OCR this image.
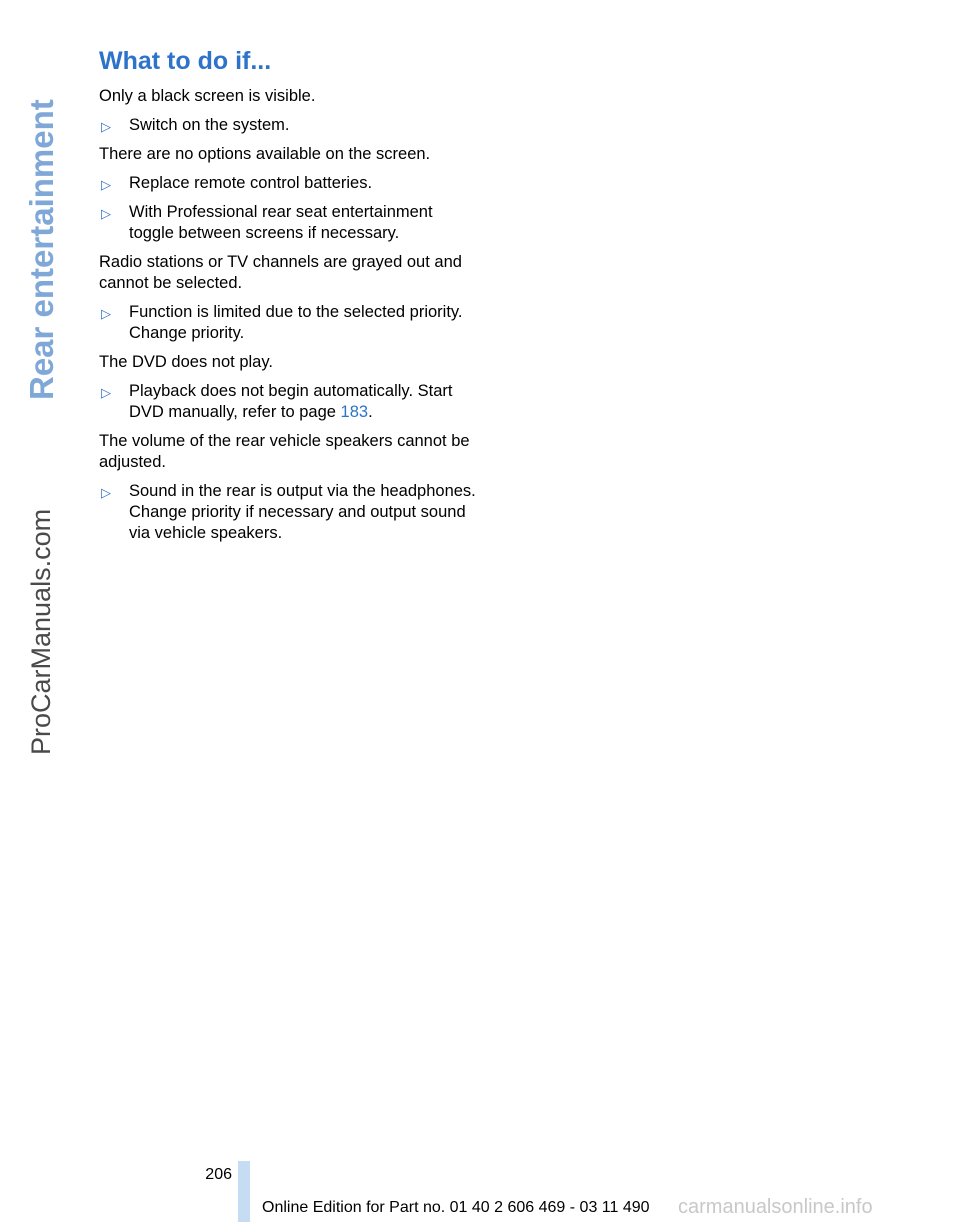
Rear entertainment
ProCarManuals.com
What to do if...

Only a black screen is visible.

▷ Switch on the system.

There are no options available on the screen.

▷ Replace remote control batteries.
▷ With Professional rear seat entertainment toggle between screens if necessary.

Radio stations or TV channels are grayed out and cannot be selected.

▷ Function is limited due to the selected priority. Change priority.

The DVD does not play.

▷ Playback does not begin automatically. Start DVD manually, refer to page 183.

The volume of the rear vehicle speakers cannot be adjusted.

▷ Sound in the rear is output via the headphones. Change priority if necessary and output sound via vehicle speakers.
206
Online Edition for Part no. 01 40 2 606 469 - 03 11 490 carmanualsonline.info
